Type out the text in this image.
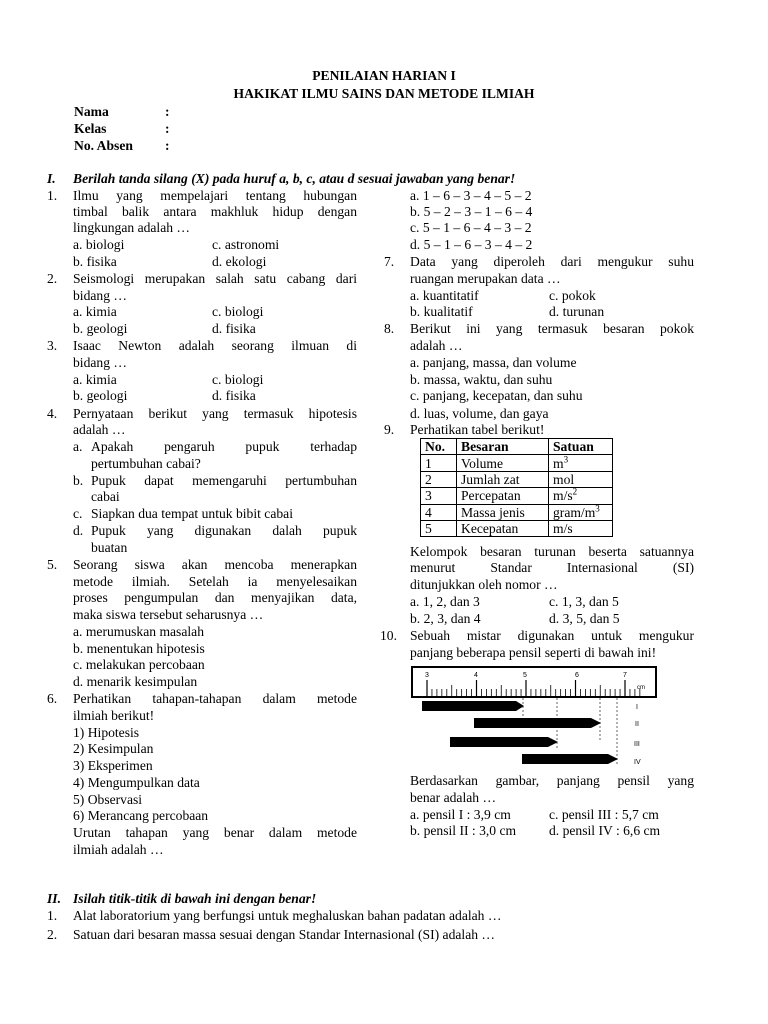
PENILAIAN HARIAN I
HAKIKAT ILMU SAINS DAN METODE ILMIAH
Nama	:
Kelas	:
No. Absen :
I. Berilah tanda silang (X) pada huruf a, b, c, atau d sesuai jawaban yang benar!
1. Ilmu yang mempelajari tentang hubungan
timbal balik antara makhluk hidup dengan
lingkungan adalah …
a. biologi	c. astronomi
b. fisika	d. ekologi
2. Seismologi merupakan salah satu cabang dari
bidang …
a. kimia	c. biologi
b. geologi	d. fisika
3. Isaac Newton adalah seorang ilmuan di
bidang …
a. kimia	c. biologi
b. geologi	d. fisika
4. Pernyataan berikut yang termasuk hipotesis
adalah …
a. Apakah pengaruh pupuk terhadap
pertumbuhan cabai?
b. Pupuk dapat memengaruhi pertumbuhan
cabai
c. Siapkan dua tempat untuk bibit cabai
d. Pupuk yang digunakan dalah pupuk
buatan
5. Seorang siswa akan mencoba menerapkan
metode ilmiah. Setelah ia menyelesaikan
proses pengumpulan dan menyajikan data,
maka siswa tersebut seharusnya …
a. merumuskan masalah
b. menentukan hipotesis
c. melakukan percobaan
d. menarik kesimpulan
6. Perhatikan tahapan-tahapan dalam metode
ilmiah berikut!
1) Hipotesis
2) Kesimpulan
3) Eksperimen
4) Mengumpulkan data
5) Observasi
6) Merancang percobaan
Urutan tahapan yang benar dalam metode
ilmiah adalah …
a. 1 – 6 – 3 – 4 – 5 – 2
b. 5 – 2 – 3 – 1 – 6 – 4
c. 5 – 1 – 6 – 4 – 3 – 2
d. 5 – 1 – 6 – 3 – 4 – 2
7. Data yang diperoleh dari mengukur suhu
ruangan merupakan data …
a. kuantitatif	c. pokok
b. kualitatif	d. turunan
8. Berikut ini yang termasuk besaran pokok
adalah …
a. panjang, massa, dan volume
b. massa, waktu, dan suhu
c. panjang, kecepatan, dan suhu
d. luas, volume, dan gaya
9. Perhatikan tabel berikut!
No.	Besaran	Satuan
1	Volume	$m^3$
2	Jumlah zat	mol
3	Percepatan	$m/s^2$
4	Massa jenis	gram/$m^3$
5	Kecepatan	m/s
Kelompok besaran turunan beserta satuannya
menurut Standar Internasional (SI)
ditunjukkan oleh nomor …
a. 1, 2, dan 3	c. 1, 3, dan 5
b. 2, 3, dan 4	d. 3, 5, dan 5
10. Sebuah mistar digunakan untuk mengukur
panjang beberapa pensil seperti di bawah ini!
3	4	5	6	7
cm
I
II
III
IV
Berdasarkan gambar, panjang pensil yang
benar adalah …
a. pensil I : 3,9 cm	c. pensil III : 5,7 cm
b. pensil II : 3,0 cm d. pensil IV : 6,6 cm
II. Isilah titik-titik di bawah ini dengan benar!
1. Alat laboratorium yang berfungsi untuk meghaluskan bahan padatan adalah …
2. Satuan dari besaran massa sesuai dengan Standar Internasional (SI) adalah …
